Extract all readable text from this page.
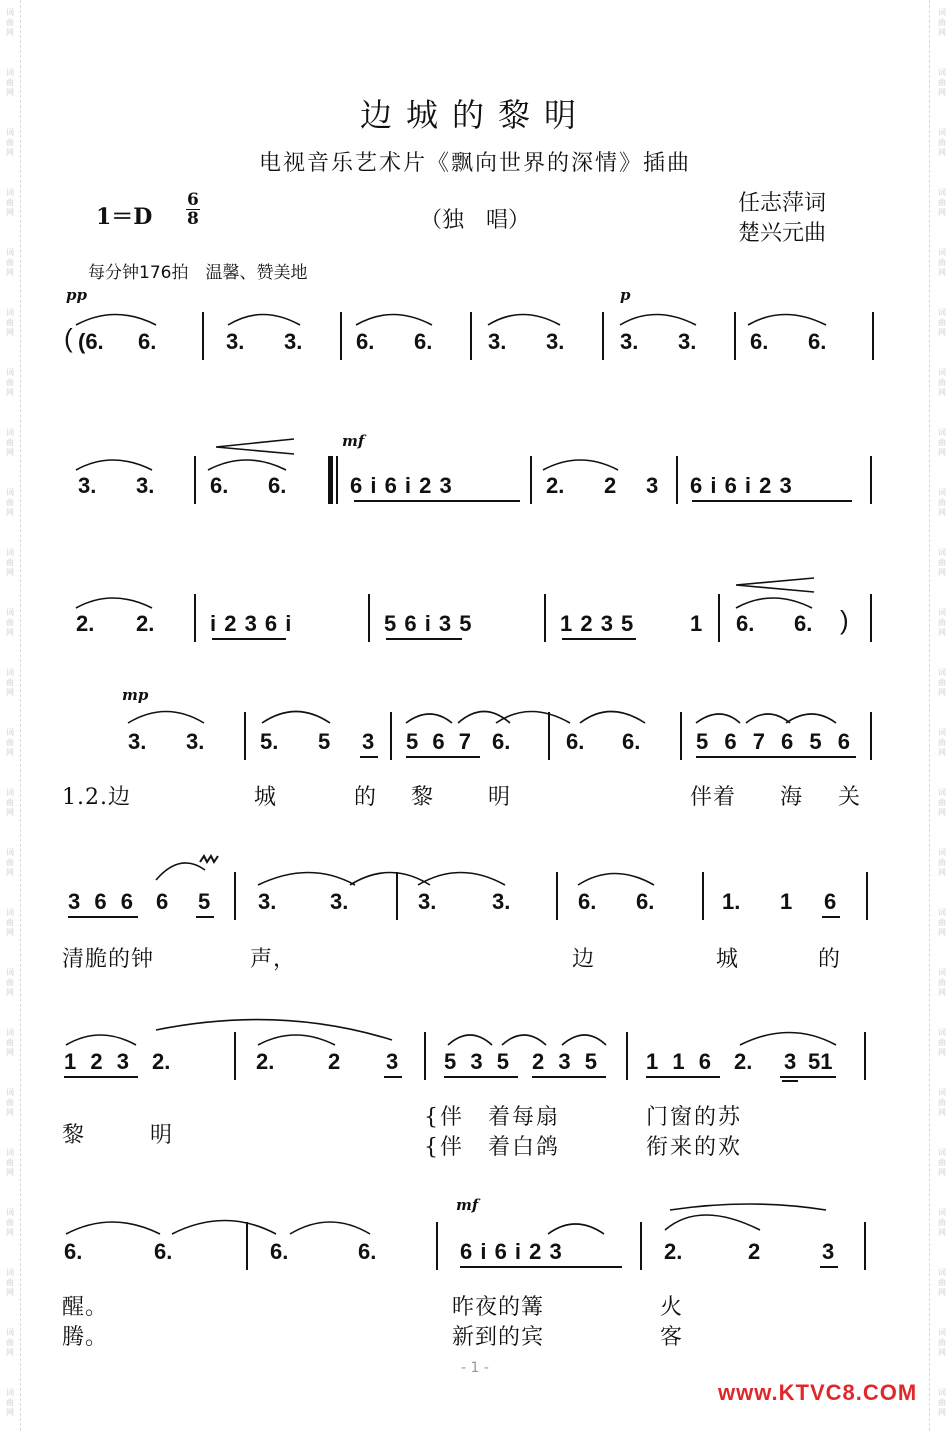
词
曲
网
词
曲
网
词
曲
网
词
曲
网
词
曲
网
词
曲
网
词
曲
网
词
曲
网
词
曲
网
词
曲
网
词
曲
网
词
曲
网
词
曲
网
词
曲
网
词
曲
网
词
曲
网
词
曲
网
词
曲
网
词
曲
网
词
曲
网
词
曲
网
词
曲
网
词
曲
网
词
曲
网
词
曲
网
词
曲
网
词
曲
网
词
曲
网
词
曲
网
词
曲
网
词
曲
网
词
曲
网
词
曲
网
词
曲
网
词
曲
网
词
曲
网
词
曲
网
词
曲
网
词
曲
网
词
曲
网
词
曲
网
词
曲
网
词
曲
网
词
曲
网
词
曲
网
词
曲
网
词
曲
网
词
曲
网
边城的黎明
电视音乐艺术片《飘向世界的深情》插曲
1＝D
6
8	（独　唱）
任志萍词
楚兴元曲
每分钟176拍　温馨、赞美地
pp	p
( (6. 6.	3. 3. 6. 6.	3. 3.	3. 3. 6. 6.
3. 3.	6. 6.
mf
6 i 6 i 2 3	2. 2 3 6 i 6 i 2 3
2. 2.	i 2 3 6 i	5 6 i 3 5	1 2 3 5	1 6. 6. )
mp
3. 3.	5. 5 3 5 6 7 6.	6. 6.	5 6 7 6 5 6
1.2.边	城	的 黎 明	伴着 海 关
3 6 6 6 5 3. 3.	3.	3.	6. 6.	1. 1 6
清脆的钟	声，	边	城	的
1 2 3 2.	2. 2 3 5 3 5 2 3 5 1 1 6 2. 3 51
黎	明
{伴　着每扇	门窗的苏
{伴　着白鸽	衔来的欢
6.	6.	6.	6.
mf
6 i 6 i 2 3	2.	2	3
醒。
腾。
昨夜的篝	火
新到的宾	客
- 1 -
www.KTVC8.COM
